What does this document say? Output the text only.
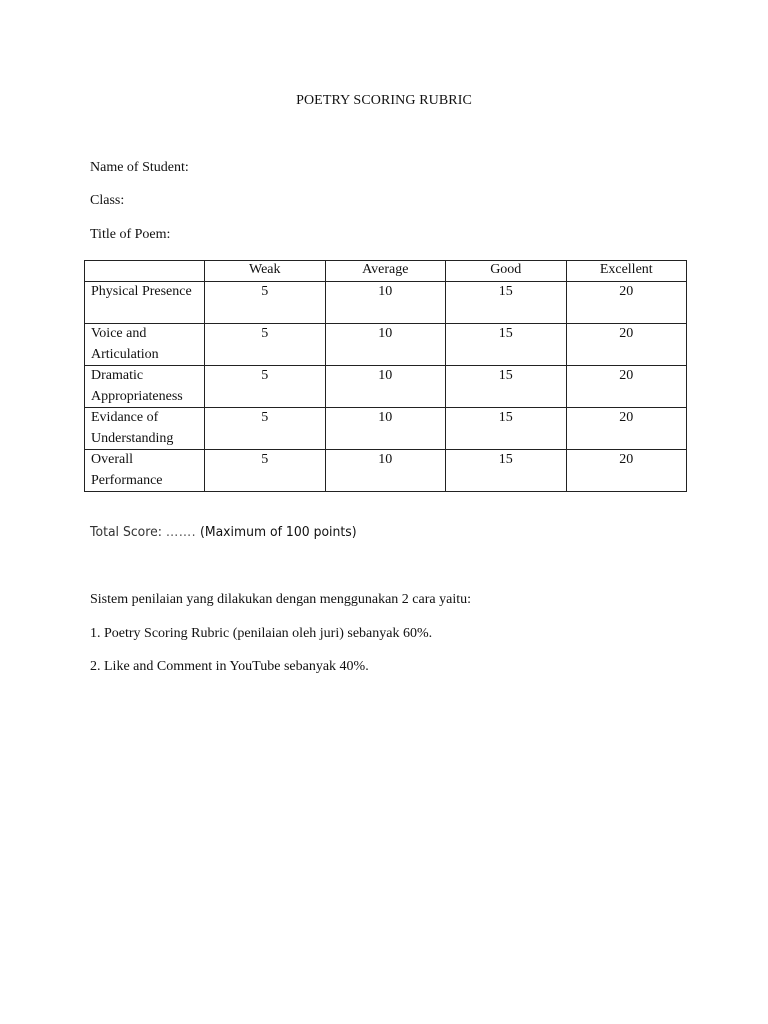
POETRY SCORING RUBRIC
Name of Student:
Class:
Title of Poem:
	Weak	Average	Good	Excellent
Physical Presence	5	10	15	20
Voice and Articulation	5	10	15	20
Dramatic Appropriateness	5	10	15	20
Evidance of Understanding	5	10	15	20
Overall Performance	5	10	15	20
Total Score: ……. (Maximum of 100 points)
Sistem penilaian yang dilakukan dengan menggunakan 2 cara yaitu:
1. Poetry Scoring Rubric (penilaian oleh juri) sebanyak 60%.
2. Like and Comment in YouTube sebanyak 40%.
